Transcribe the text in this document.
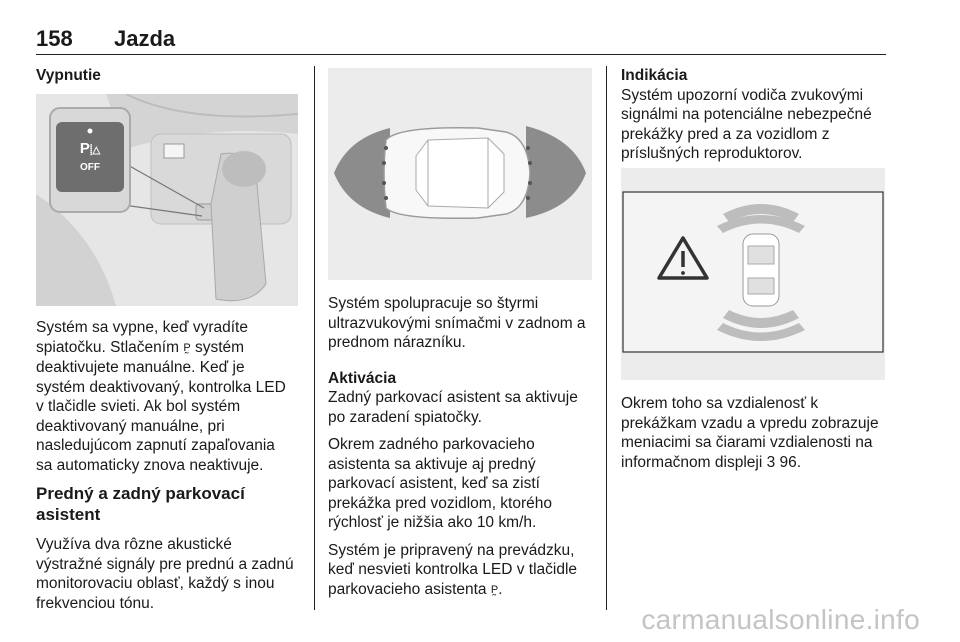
158 Jazda
Vypnutie
P⸽△
OFF

Systém sa vypne, keď vyradíte
spiatočku. Stlačením P̰ systém
deaktivujete manuálne. Keď je
systém deaktivovaný, kontrolka LED
v tlačidle svieti. Ak bol systém
deaktivovaný manuálne, pri
nasledujúcom zapnutí zapaľovania
sa automaticky znova neaktivuje.

Predný a zadný parkovací
asistent

Využíva dva rôzne akustické
výstražné signály pre prednú a zadnú
monitorovaciu oblasť, každý s inou
frekvenciou tónu.

Systém spolupracuje so štyrmi
ultrazvukovými snímačmi v zadnom a
prednom nárazníku.

Aktivácia

Zadný parkovací asistent sa aktivuje
po zaradení spiatočky.

Okrem zadného parkovacieho
asistenta sa aktivuje aj predný
parkovací asistent, keď sa zistí
prekážka pred vozidlom, ktorého
rýchlosť je nižšia ako 10 km/h.

Systém je pripravený na prevádzku,
keď nesvieti kontrolka LED v tlačidle
parkovacieho asistenta P̰.

Indikácia

Systém upozorní vodiča zvukovými
signálmi na potenciálne nebezpečné
prekážky pred a za vozidlom z
príslušných reproduktorov.

Okrem toho sa vzdialenosť k
prekážkam vzadu a vpredu zobrazuje
meniacimi sa čiarami vzdialenosti na
informačnom displeji 3 96.

carmanualsonline.info
